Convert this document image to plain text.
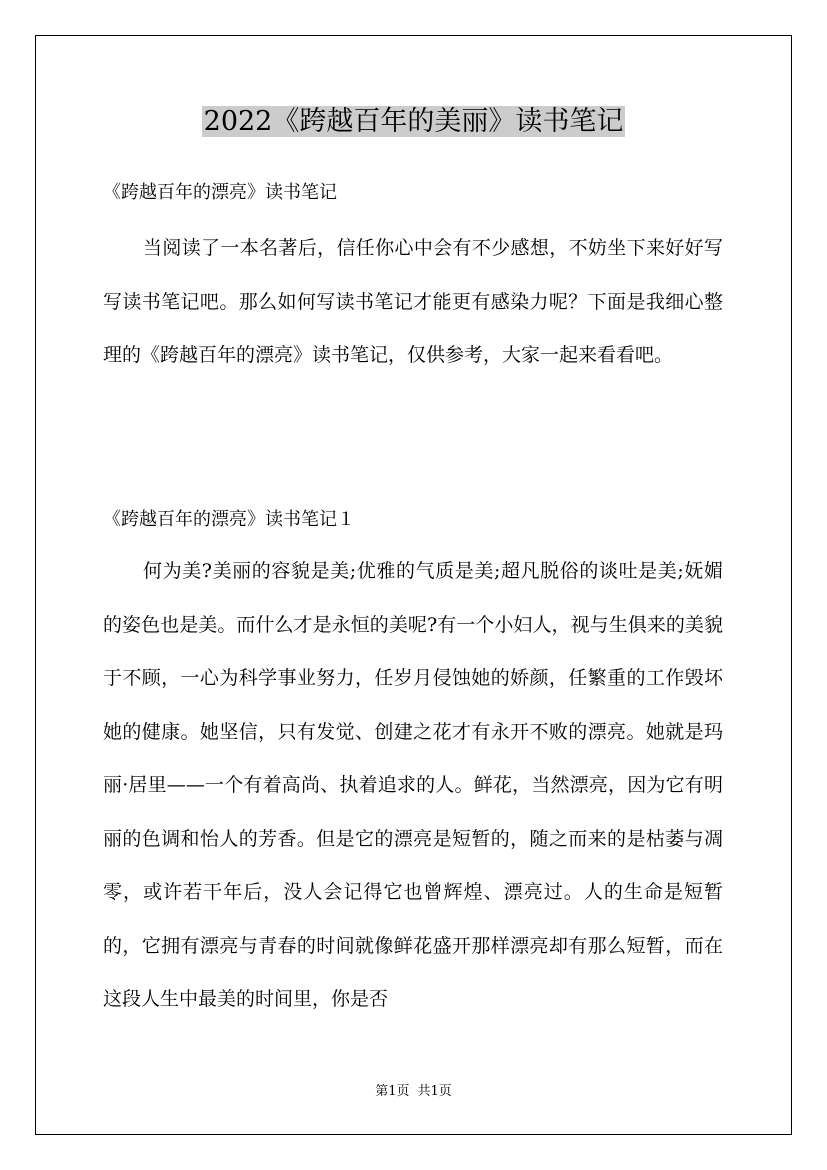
2022《跨越百年的美丽》读书笔记

《跨越百年的漂亮》读书笔记

当阅读了一本名著后，信任你心中会有不少感想，不妨坐下来好好写写读书笔记吧。那么如何写读书笔记才能更有感染力呢？下面是我细心整理的《跨越百年的漂亮》读书笔记，仅供参考，大家一起来看看吧。

《跨越百年的漂亮》读书笔记１

何为美?美丽的容貌是美;优雅的气质是美;超凡脱俗的谈吐是美;妩媚的姿色也是美。而什么才是永恒的美呢?有一个小妇人，视与生俱来的美貌于不顾，一心为科学事业努力，任岁月侵蚀她的娇颜，任繁重的工作毁坏她的健康。她坚信，只有发觉、创建之花才有永开不败的漂亮。她就是玛丽·居里——一个有着高尚、执着追求的人。鲜花，当然漂亮，因为它有明丽的色调和怡人的芳香。但是它的漂亮是短暂的，随之而来的是枯萎与凋零，或许若干年后，没人会记得它也曾辉煌、漂亮过。人的生命是短暂的，它拥有漂亮与青春的时间就像鲜花盛开那样漂亮却有那么短暂，而在这段人生中最美的时间里，你是否

第1页 共1页
